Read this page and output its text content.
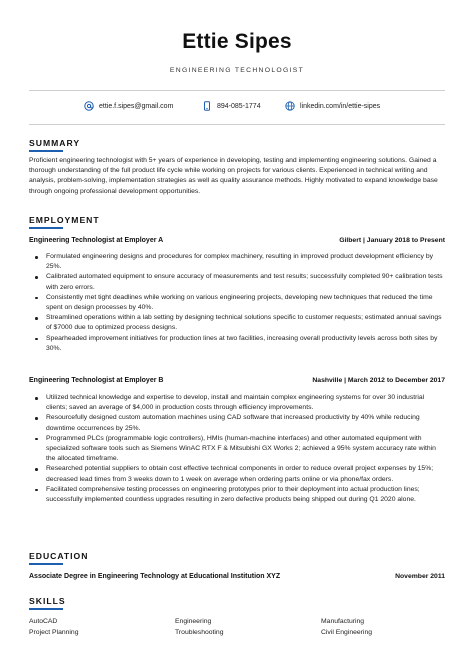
Ettie Sipes
ENGINEERING TECHNOLOGIST
ettie.f.sipes@gmail.com	894-085-1774	linkedin.com/in/ettie-sipes
SUMMARY
Proficient engineering technologist with 5+ years of experience in developing, testing and implementing engineering solutions. Gained a thorough understanding of the full product life cycle while working on projects for various clients. Experienced in technical writing and analysis, problem-solving, implementation strategies as well as quality assurance methods. Highly motivated to expand knowledge base through ongoing professional development opportunities.
EMPLOYMENT
Engineering Technologist at Employer A	Gilbert | January 2018 to Present
Formulated engineering designs and procedures for complex machinery, resulting in improved product development efficiency by 25%.
Calibrated automated equipment to ensure accuracy of measurements and test results; successfully completed 90+ calibration tests with zero errors.
Consistently met tight deadlines while working on various engineering projects, developing new techniques that reduced the time spent on design processes by 40%.
Streamlined operations within a lab setting by designing technical solutions specific to customer requests; estimated annual savings of $7000 due to optimized process designs.
Spearheaded improvement initiatives for production lines at two facilities, increasing overall productivity levels across both sites by 30%.
Engineering Technologist at Employer B	Nashville | March 2012 to December 2017
Utilized technical knowledge and expertise to develop, install and maintain complex engineering systems for over 30 industrial clients; saved an average of $4,000 in production costs through efficiency improvements.
Resourcefully designed custom automation machines using CAD software that increased productivity by 40% while reducing downtime occurrences by 25%.
Programmed PLCs (programmable logic controllers), HMIs (human-machine interfaces) and other automated equipment with specialized software tools such as Siemens WinAC RTX F & Mitsubishi GX Works 2; achieved a 95% system accuracy rate within the allocated timeframe.
Researched potential suppliers to obtain cost effective technical components in order to reduce overall project expenses by 15%; decreased lead times from 3 weeks down to 1 week on average when ordering parts online or via phone/fax orders.
Facilitated comprehensive testing processes on engineering prototypes prior to their deployment into actual production lines; successfully implemented countless upgrades resulting in zero defective products being shipped out during Q1 2020 alone.
EDUCATION
Associate Degree in Engineering Technology at Educational Institution XYZ	November 2011
SKILLS
AutoCAD	Engineering	Manufacturing
Project Planning	Troubleshooting	Civil Engineering
